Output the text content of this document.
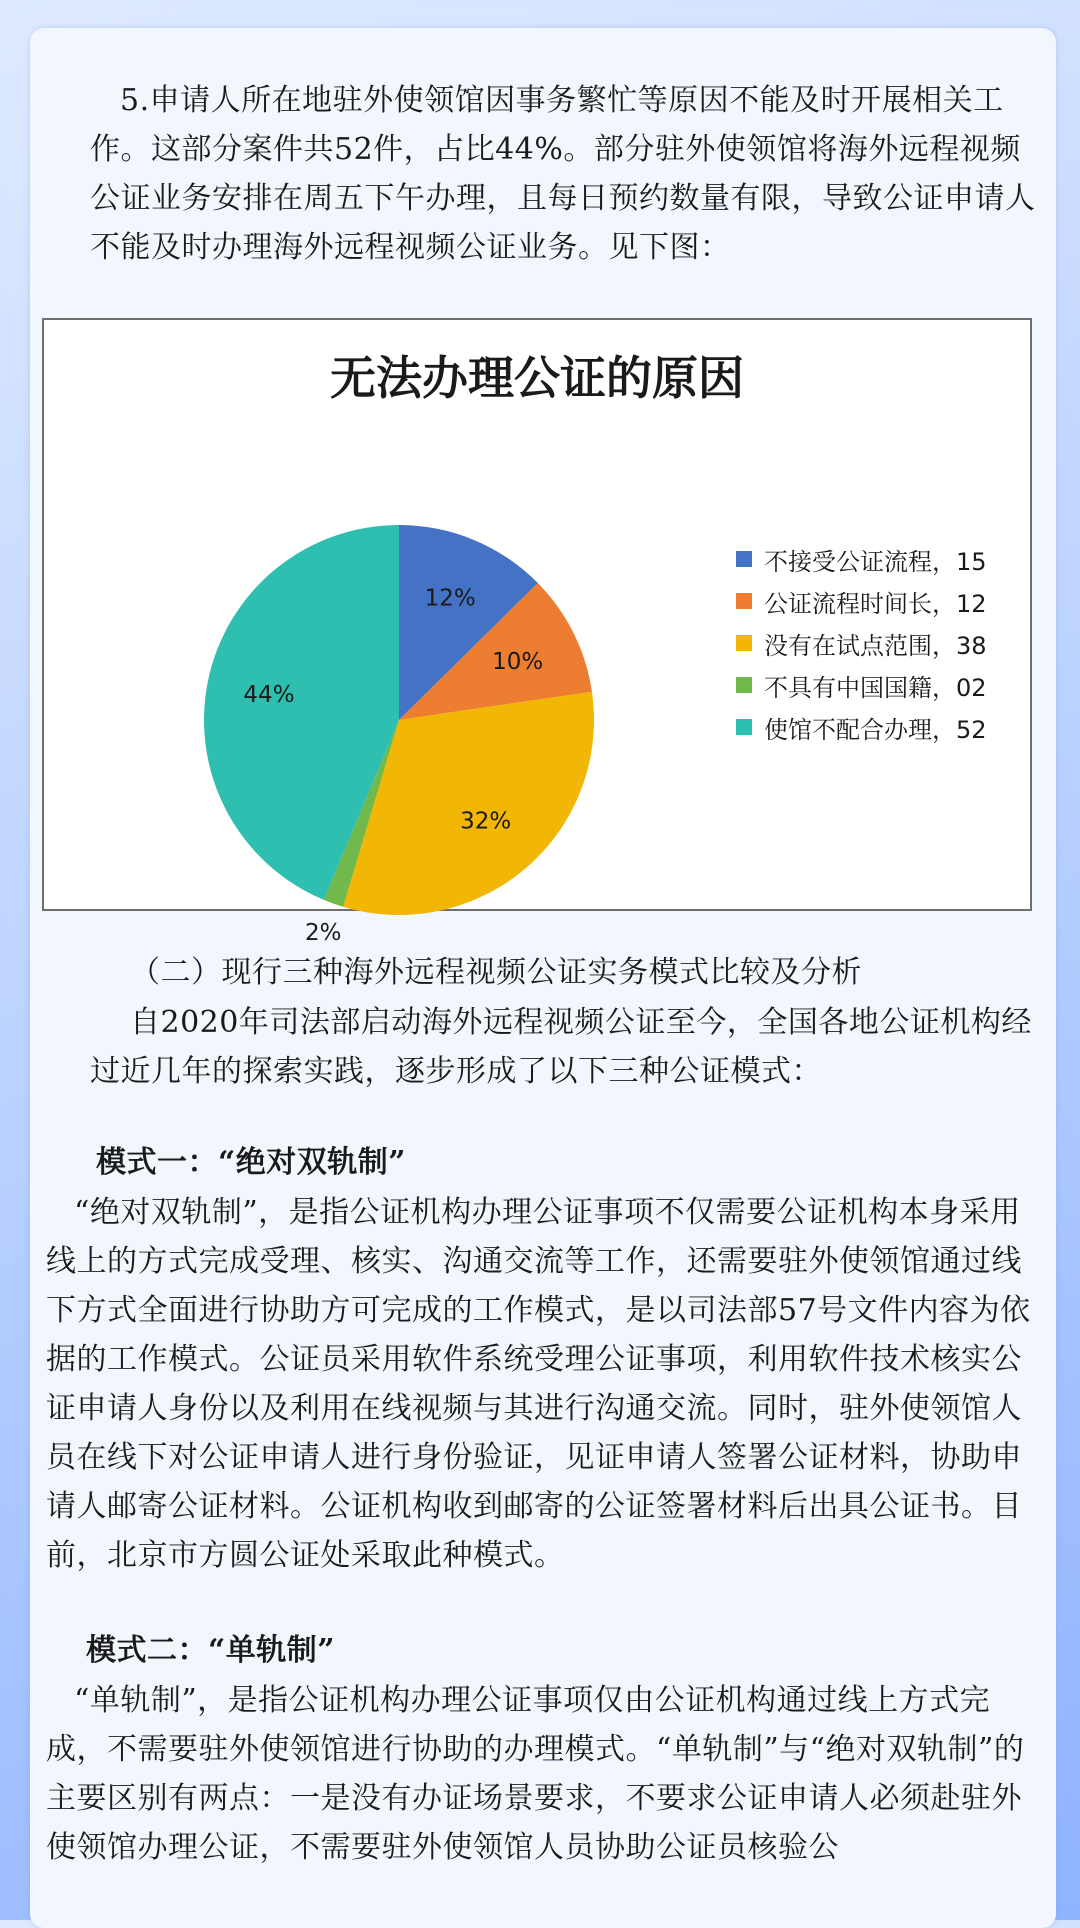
5.申请人所在地驻外使领馆因事务繁忙等原因不能及时开展相关工作。这部分案件共52件，占比44%。部分驻外使领馆将海外远程视频公证业务安排在周五下午办理，且每日预约数量有限，导致公证申请人不能及时办理海外远程视频公证业务。见下图：

无法办理公证的原因
12%
10%
32%
2%
44%
不接受公证流程，15
公证流程时间长，12
没有在试点范围，38
不具有中国国籍，02
使馆不配合办理，52

（二）现行三种海外远程视频公证实务模式比较及分析

自2020年司法部启动海外远程视频公证至今，全国各地公证机构经过近几年的探索实践，逐步形成了以下三种公证模式：

模式一：“绝对双轨制”

“绝对双轨制”，是指公证机构办理公证事项不仅需要公证机构本身采用线上的方式完成受理、核实、沟通交流等工作，还需要驻外使领馆通过线下方式全面进行协助方可完成的工作模式，是以司法部57号文件内容为依据的工作模式。公证员采用软件系统受理公证事项，利用软件技术核实公证申请人身份以及利用在线视频与其进行沟通交流。同时，驻外使领馆人员在线下对公证申请人进行身份验证，见证申请人签署公证材料，协助申请人邮寄公证材料。公证机构收到邮寄的公证签署材料后出具公证书。目前，北京市方圆公证处采取此种模式。

模式二：“单轨制”

“单轨制”，是指公证机构办理公证事项仅由公证机构通过线上方式完成，不需要驻外使领馆进行协助的办理模式。“单轨制”与“绝对双轨制”的主要区别有两点：一是没有办证场景要求，不要求公证申请人必须赴驻外使领馆办理公证，不需要驻外使领馆人员协助公证员核验公
